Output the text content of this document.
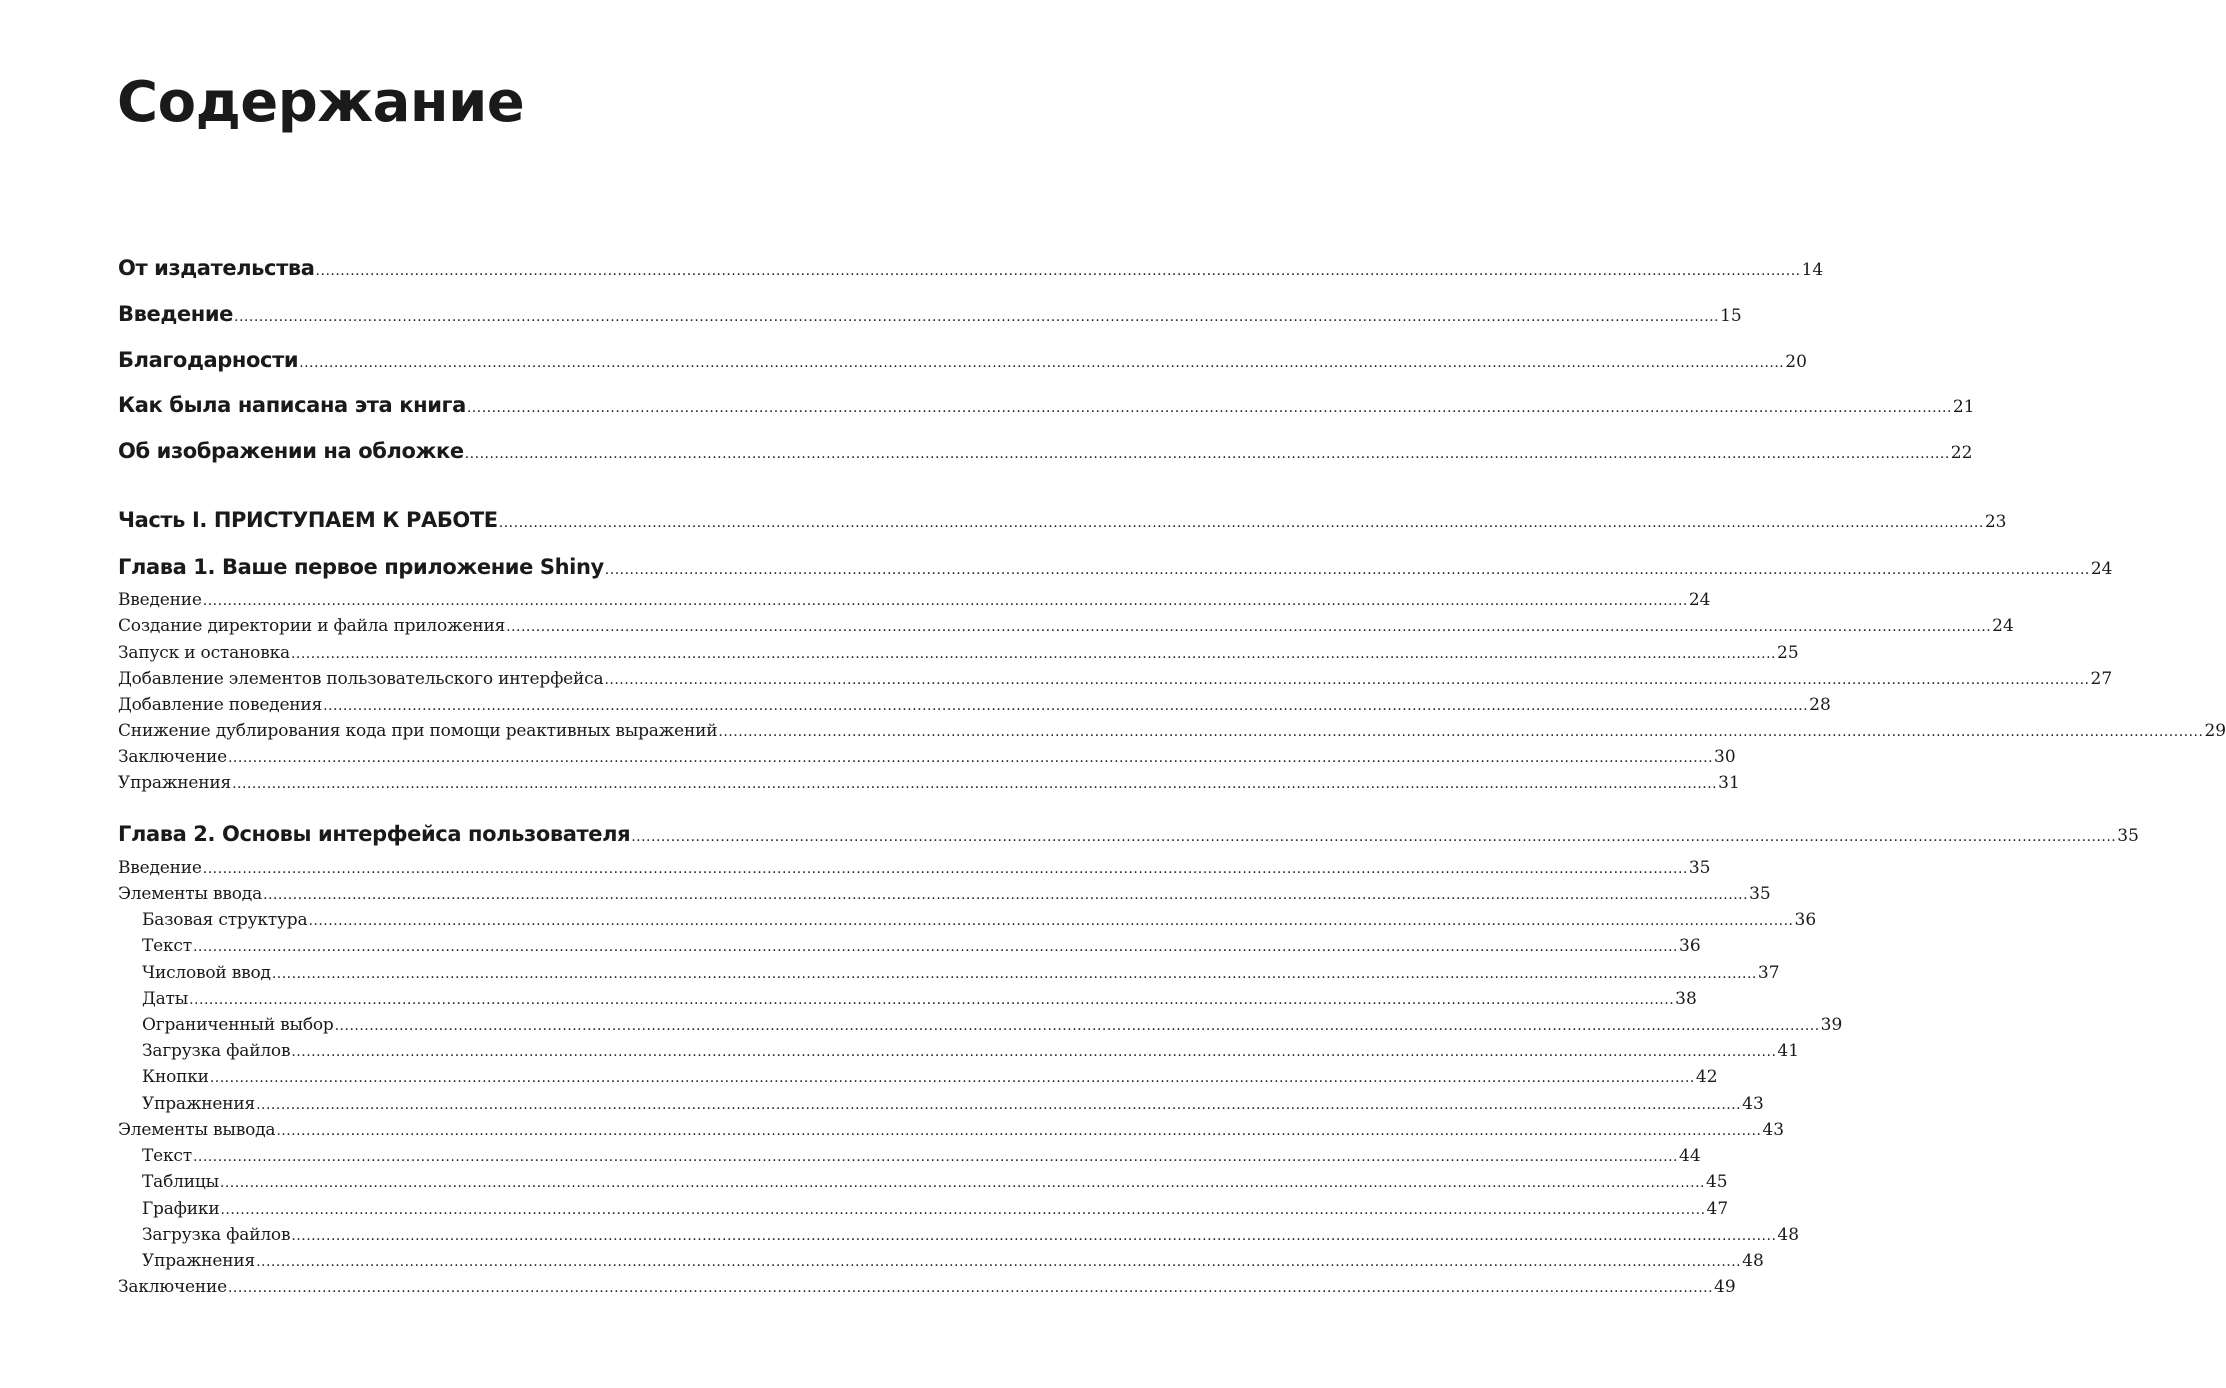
Содержание
От издательства ............................................................................................................................................................................................................................................................................................................ 14
Введение ............................................................................................................................................................................................................................................................................................................ 15
Благодарности ............................................................................................................................................................................................................................................................................................................ 20
Как была написана эта книга ............................................................................................................................................................................................................................................................................................................ 21
Об изображении на обложке ............................................................................................................................................................................................................................................................................................................ 22
Часть I. ПРИСТУПАЕМ К РАБОТЕ ............................................................................................................................................................................................................................................................................................................ 23
Глава 1. Ваше первое приложение Shiny ............................................................................................................................................................................................................................................................................................................ 24
Введение ............................................................................................................................................................................................................................................................................................................ 24
Создание директории и файла приложения ............................................................................................................................................................................................................................................................................................................ 24
Запуск и остановка ............................................................................................................................................................................................................................................................................................................ 25
Добавление элементов пользовательского интерфейса ............................................................................................................................................................................................................................................................................................................ 27
Добавление поведения ............................................................................................................................................................................................................................................................................................................ 28
Снижение дублирования кода при помощи реактивных выражений ............................................................................................................................................................................................................................................................................................................ 29
Заключение ............................................................................................................................................................................................................................................................................................................ 30
Упражнения ............................................................................................................................................................................................................................................................................................................ 31
Глава 2. Основы интерфейса пользователя ............................................................................................................................................................................................................................................................................................................ 35
Введение ............................................................................................................................................................................................................................................................................................................ 35
Элементы ввода ............................................................................................................................................................................................................................................................................................................ 35
Базовая структура ............................................................................................................................................................................................................................................................................................................ 36
Текст ............................................................................................................................................................................................................................................................................................................ 36
Числовой ввод ............................................................................................................................................................................................................................................................................................................ 37
Даты ............................................................................................................................................................................................................................................................................................................ 38
Ограниченный выбор ............................................................................................................................................................................................................................................................................................................ 39
Загрузка файлов ............................................................................................................................................................................................................................................................................................................ 41
Кнопки ............................................................................................................................................................................................................................................................................................................ 42
Упражнения ............................................................................................................................................................................................................................................................................................................ 43
Элементы вывода ............................................................................................................................................................................................................................................................................................................ 43
Текст ............................................................................................................................................................................................................................................................................................................ 44
Таблицы ............................................................................................................................................................................................................................................................................................................ 45
Графики ............................................................................................................................................................................................................................................................................................................ 47
Загрузка файлов ............................................................................................................................................................................................................................................................................................................ 48
Упражнения ............................................................................................................................................................................................................................................................................................................ 48
Заключение ............................................................................................................................................................................................................................................................................................................ 49
